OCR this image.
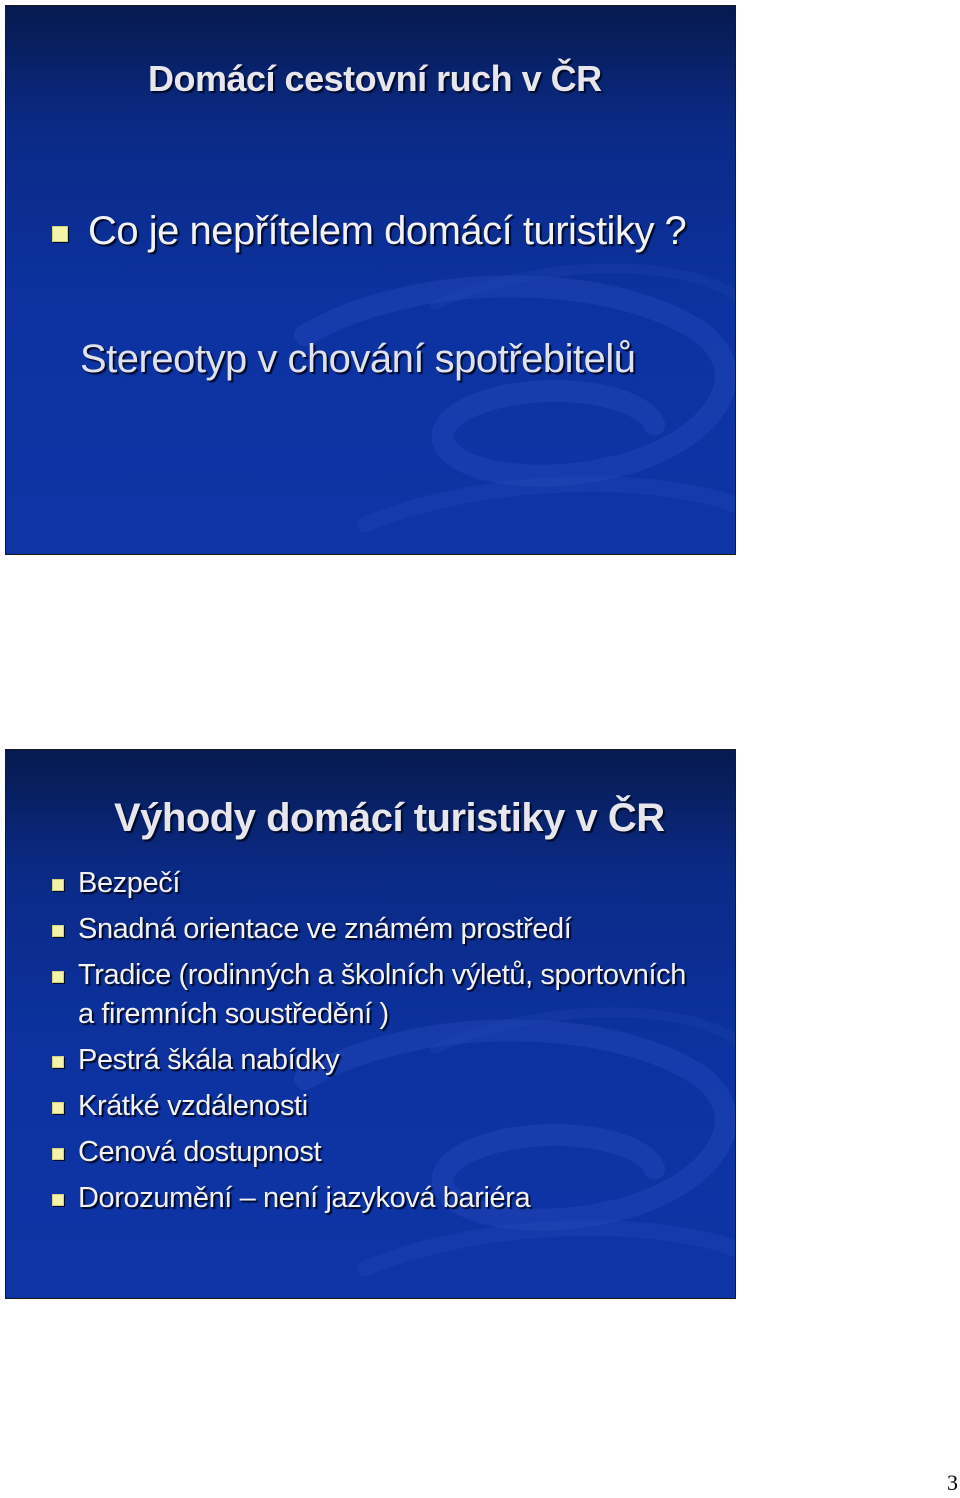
Domácí cestovní ruch v ČR
Co je nepřítelem domácí turistiky ?

Stereotyp v chování spotřebitelů

Výhody domácí turistiky v ČR
Bezpečí
Snadná orientace ve známém prostředí
Tradice (rodinných a školních výletů, sportovních a firemních soustředění )
Pestrá škála nabídky
Krátké vzdálenosti
Cenová dostupnost
Dorozumění – není jazyková bariéra
3
